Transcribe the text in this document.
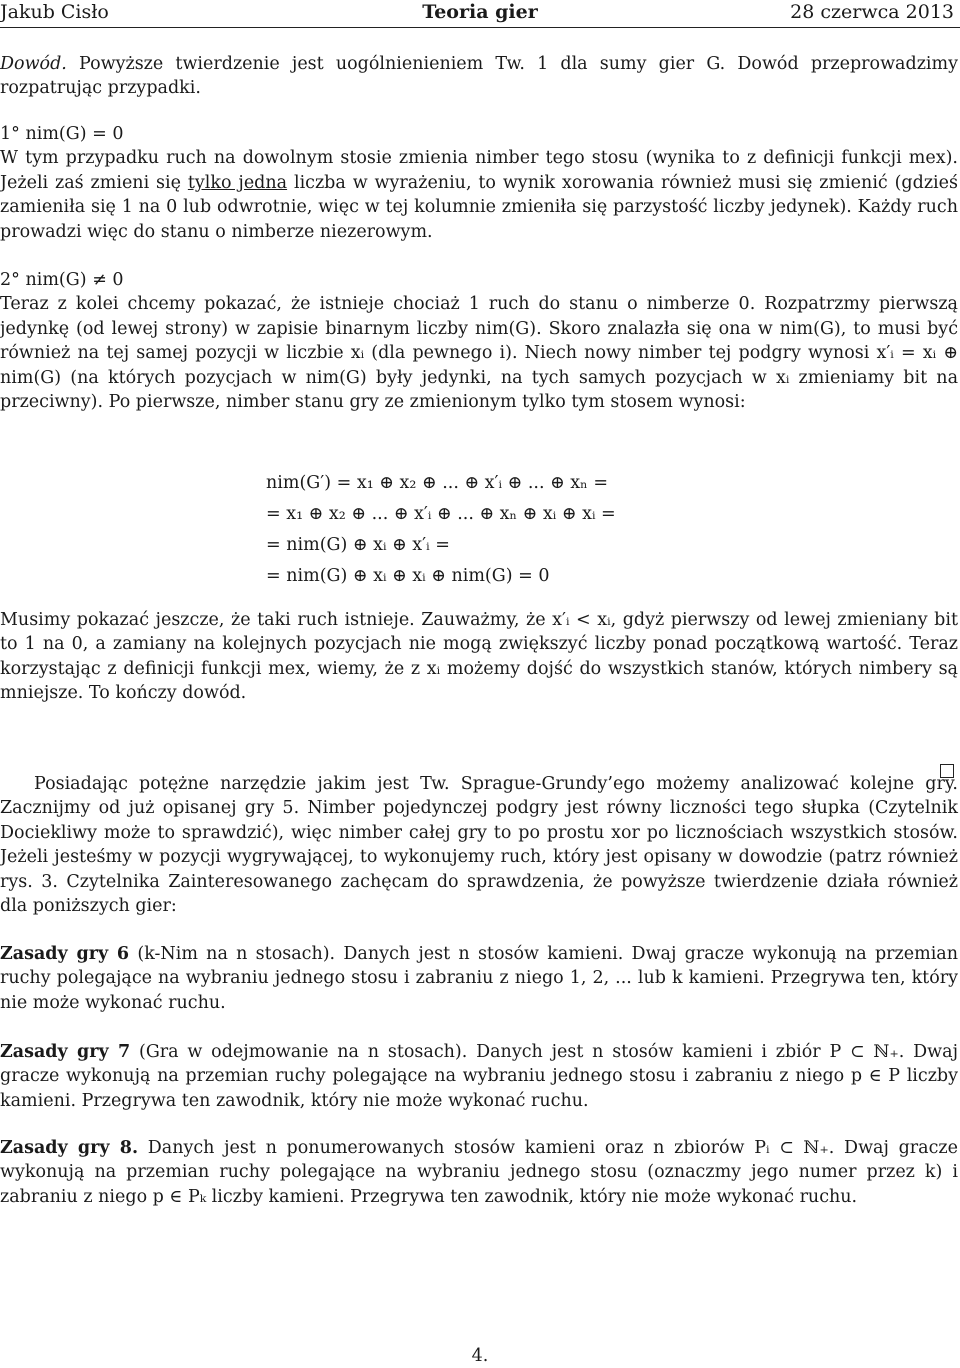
Jakub Cisło	Teoria gier	28 czerwca 2013

Dowód. Powyższe twierdzenie jest uogólnienieniem Tw. 1 dla sumy gier G. Dowód przeprowadzimy rozpatrując przypadki.

1° nim(G) = 0

W tym przypadku ruch na dowolnym stosie zmienia nimber tego stosu (wynika to z definicji funkcji mex). Jeżeli zaś zmieni się tylko jedna liczba w wyrażeniu, to wynik xorowania również musi się zmienić (gdzieś zamieniła się 1 na 0 lub odwrotnie, więc w tej kolumnie zmieniła się parzystość liczby jedynek). Każdy ruch prowadzi więc do stanu o nimberze niezerowym.

2° nim(G) ≠ 0

Teraz z kolei chcemy pokazać, że istnieje chociaż 1 ruch do stanu o nimberze 0. Rozpatrzmy pierwszą jedynkę (od lewej strony) w zapisie binarnym liczby nim(G). Skoro znalazła się ona w nim(G), to musi być również na tej samej pozycji w liczbie xᵢ (dla pewnego i). Niech nowy nimber tej podgry wynosi x′ᵢ = xᵢ ⊕ nim(G) (na których pozycjach w nim(G) były jedynki, na tych samych pozycjach w xᵢ zmieniamy bit na przeciwny). Po pierwsze, nimber stanu gry ze zmienionym tylko tym stosem wynosi:

nim(G′) = x₁ ⊕ x₂ ⊕ ... ⊕ x′ᵢ ⊕ ... ⊕ xₙ =
= x₁ ⊕ x₂ ⊕ ... ⊕ x′ᵢ ⊕ ... ⊕ xₙ ⊕ xᵢ ⊕ xᵢ =
= nim(G) ⊕ xᵢ ⊕ x′ᵢ =
= nim(G) ⊕ xᵢ ⊕ xᵢ ⊕ nim(G) = 0

Musimy pokazać jeszcze, że taki ruch istnieje. Zauważmy, że x′ᵢ < xᵢ, gdyż pierwszy od lewej zmieniany bit to 1 na 0, a zamiany na kolejnych pozycjach nie mogą zwiększyć liczby ponad początkową wartość. Teraz korzystając z definicji funkcji mex, wiemy, że z xᵢ możemy dojść do wszystkich stanów, których nimbery są mniejsze. To kończy dowód.

Posiadając potężne narzędzie jakim jest Tw. Sprague-Grundy’ego możemy analizować kolejne gry. Zacznijmy od już opisanej gry 5. Nimber pojedynczej podgry jest równy liczności tego słupka (Czytelnik Dociekliwy może to sprawdzić), więc nimber całej gry to po prostu xor po licznościach wszystkich stosów. Jeżeli jesteśmy w pozycji wygrywającej, to wykonujemy ruch, który jest opisany w dowodzie (patrz również rys. 3. Czytelnika Zainteresowanego zachęcam do sprawdzenia, że powyższe twierdzenie działa również dla poniższych gier:

Zasady gry 6 (k-Nim na n stosach). Danych jest n stosów kamieni. Dwaj gracze wykonują na przemian ruchy polegające na wybraniu jednego stosu i zabraniu z niego 1, 2, ... lub k kamieni. Przegrywa ten, który nie może wykonać ruchu.

Zasady gry 7 (Gra w odejmowanie na n stosach). Danych jest n stosów kamieni i zbiór P ⊂ ℕ₊. Dwaj gracze wykonują na przemian ruchy polegające na wybraniu jednego stosu i zabraniu z niego p ∈ P liczby kamieni. Przegrywa ten zawodnik, który nie może wykonać ruchu.

Zasady gry 8. Danych jest n ponumerowanych stosów kamieni oraz n zbiorów Pᵢ ⊂ ℕ₊. Dwaj gracze wykonują na przemian ruchy polegające na wybraniu jednego stosu (oznaczmy jego numer przez k) i zabraniu z niego p ∈ Pₖ liczby kamieni. Przegrywa ten zawodnik, który nie może wykonać ruchu.

4.
